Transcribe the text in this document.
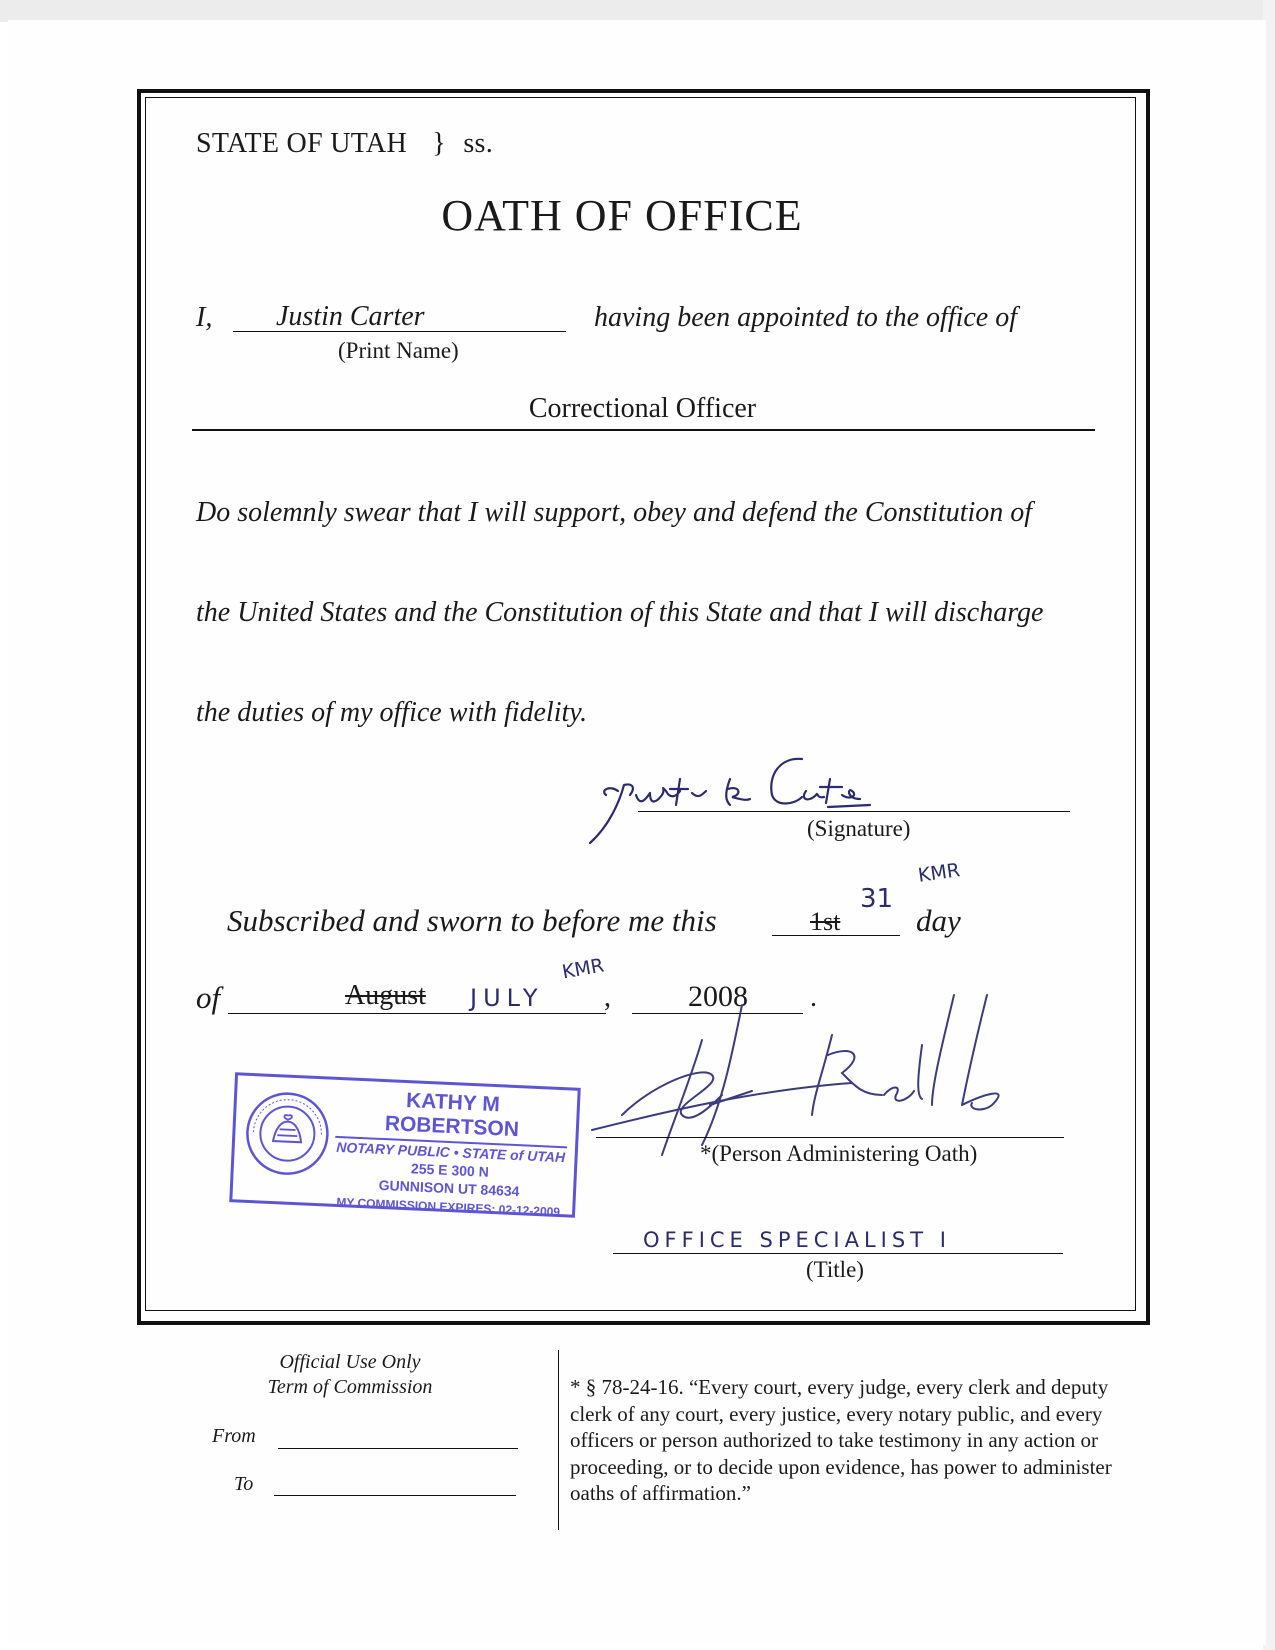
STATE OF UTAH } ss.
OATH OF OFFICE
I, Justin Carter	having been appointed to the office of
(Print Name)
Correctional Officer
Do solemnly swear that I will support, obey and defend the Constitution of
the United States and the Constitution of this State and that I will discharge
the duties of my office with fidelity.
(Signature)
Subscribed and sworn to before me this	1st
31
KMR
day
of	August JULY
KMR
,	2008 .
KATHY M ROBERTSON
NOTARY PUBLIC • STATE of UTAH
255 E 300 N
GUNNISON UT 84634
MY COMMISSION EXPIRES: 02-12-2009
*(Person Administering Oath)
OFFICE SPECIALIST I
(Title)
Official Use Only
Term of Commission
From
To
* § 78-24-16. “Every court, every judge, every clerk and deputy clerk of any court, every justice, every notary public, and every officers or person authorized to take testimony in any action or proceeding, or to decide upon evidence, has power to administer oaths of affirmation.”
